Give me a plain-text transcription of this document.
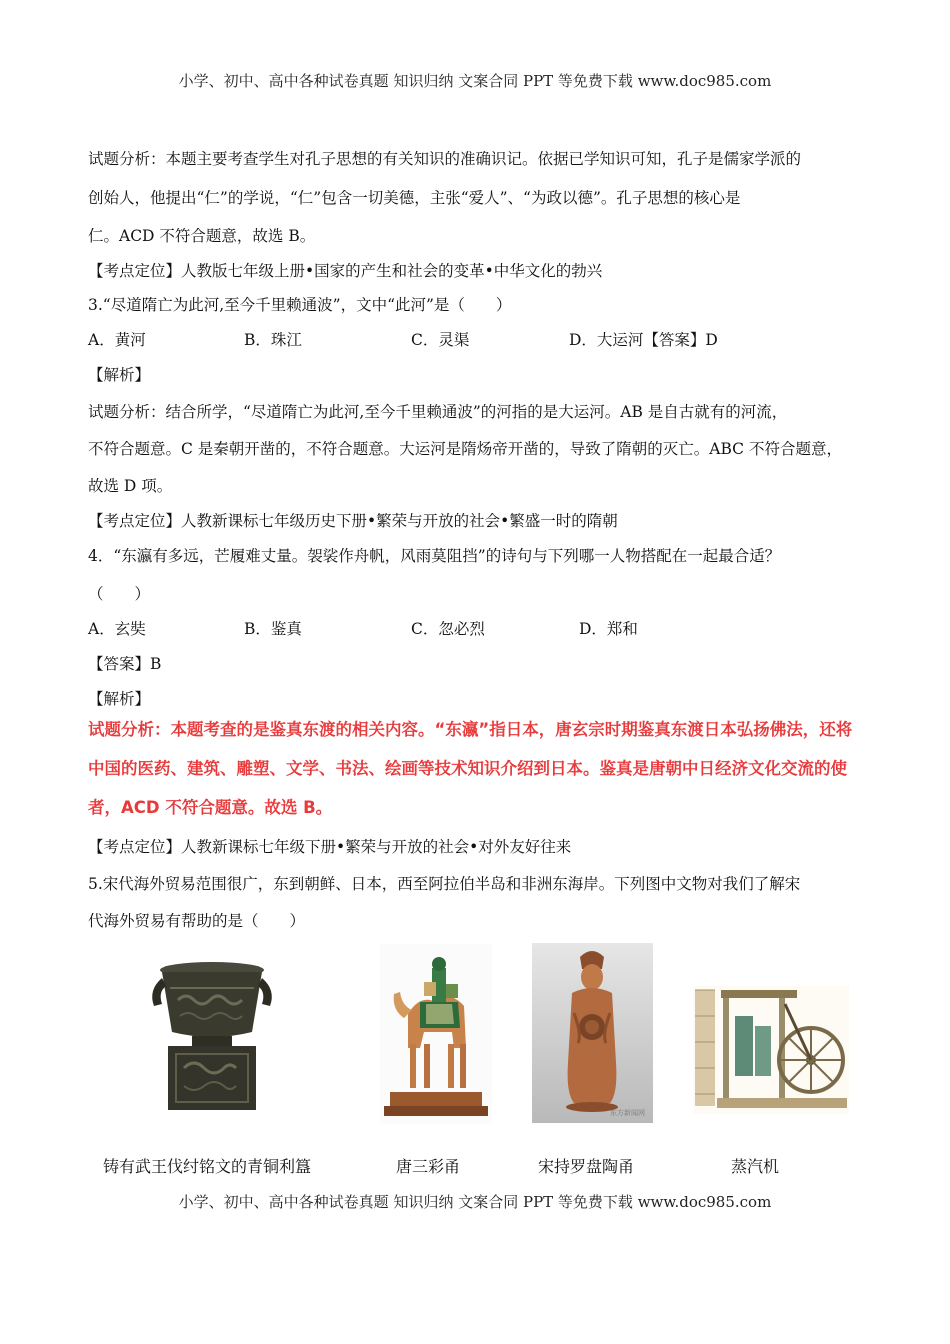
小学、初中、高中各种试卷真题 知识归纳 文案合同 PPT 等免费下载 www.doc985.com
试题分析：本题主要考查学生对孔子思想的有关知识的准确识记。依据已学知识可知，孔子是儒家学派的
创始人，他提出“仁”的学说，“仁”包含一切美德，主张“爱人”、“为政以德”。孔子思想的核心是
仁。ACD 不符合题意，故选 B。
【考点定位】人教版七年级上册•国家的产生和社会的变革•中华文化的勃兴
3.“尽道隋亡为此河,至今千里赖通波”，文中“此河”是（　　）
A．黄河	B．珠江	C．灵渠	D．大运河【答案】D
【解析】
试题分析：结合所学，“尽道隋亡为此河,至今千里赖通波”的河指的是大运河。AB 是自古就有的河流，
不符合题意。C 是秦朝开凿的，不符合题意。大运河是隋炀帝开凿的，导致了隋朝的灭亡。ABC 不符合题意，
故选 D 项。
【考点定位】人教新课标七年级历史下册•繁荣与开放的社会•繁盛一时的隋朝
4．“东瀛有多远，芒履难丈量。袈裟作舟帆，风雨莫阻挡”的诗句与下列哪一人物搭配在一起最合适？
（　　）
A．玄奘	B．鉴真	C．忽必烈	D．郑和
【答案】B
【解析】
试题分析：本题考查的是鉴真东渡的相关内容。“东瀛”指日本，唐玄宗时期鉴真东渡日本弘扬佛法，还将
中国的医药、建筑、雕塑、文学、书法、绘画等技术知识介绍到日本。鉴真是唐朝中日经济文化交流的使
者，ACD 不符合题意。故选 B。
【考点定位】人教新课标七年级下册•繁荣与开放的社会•对外友好往来
5.宋代海外贸易范围很广，东到朝鲜、日本，西至阿拉伯半岛和非洲东海岸。下列图中文物对我们了解宋
代海外贸易有帮助的是（　　）
东方新闻网
铸有武王伐纣铭文的青铜利簋	唐三彩甬	宋持罗盘陶甬	蒸汽机
小学、初中、高中各种试卷真题 知识归纳 文案合同 PPT 等免费下载 www.doc985.com
